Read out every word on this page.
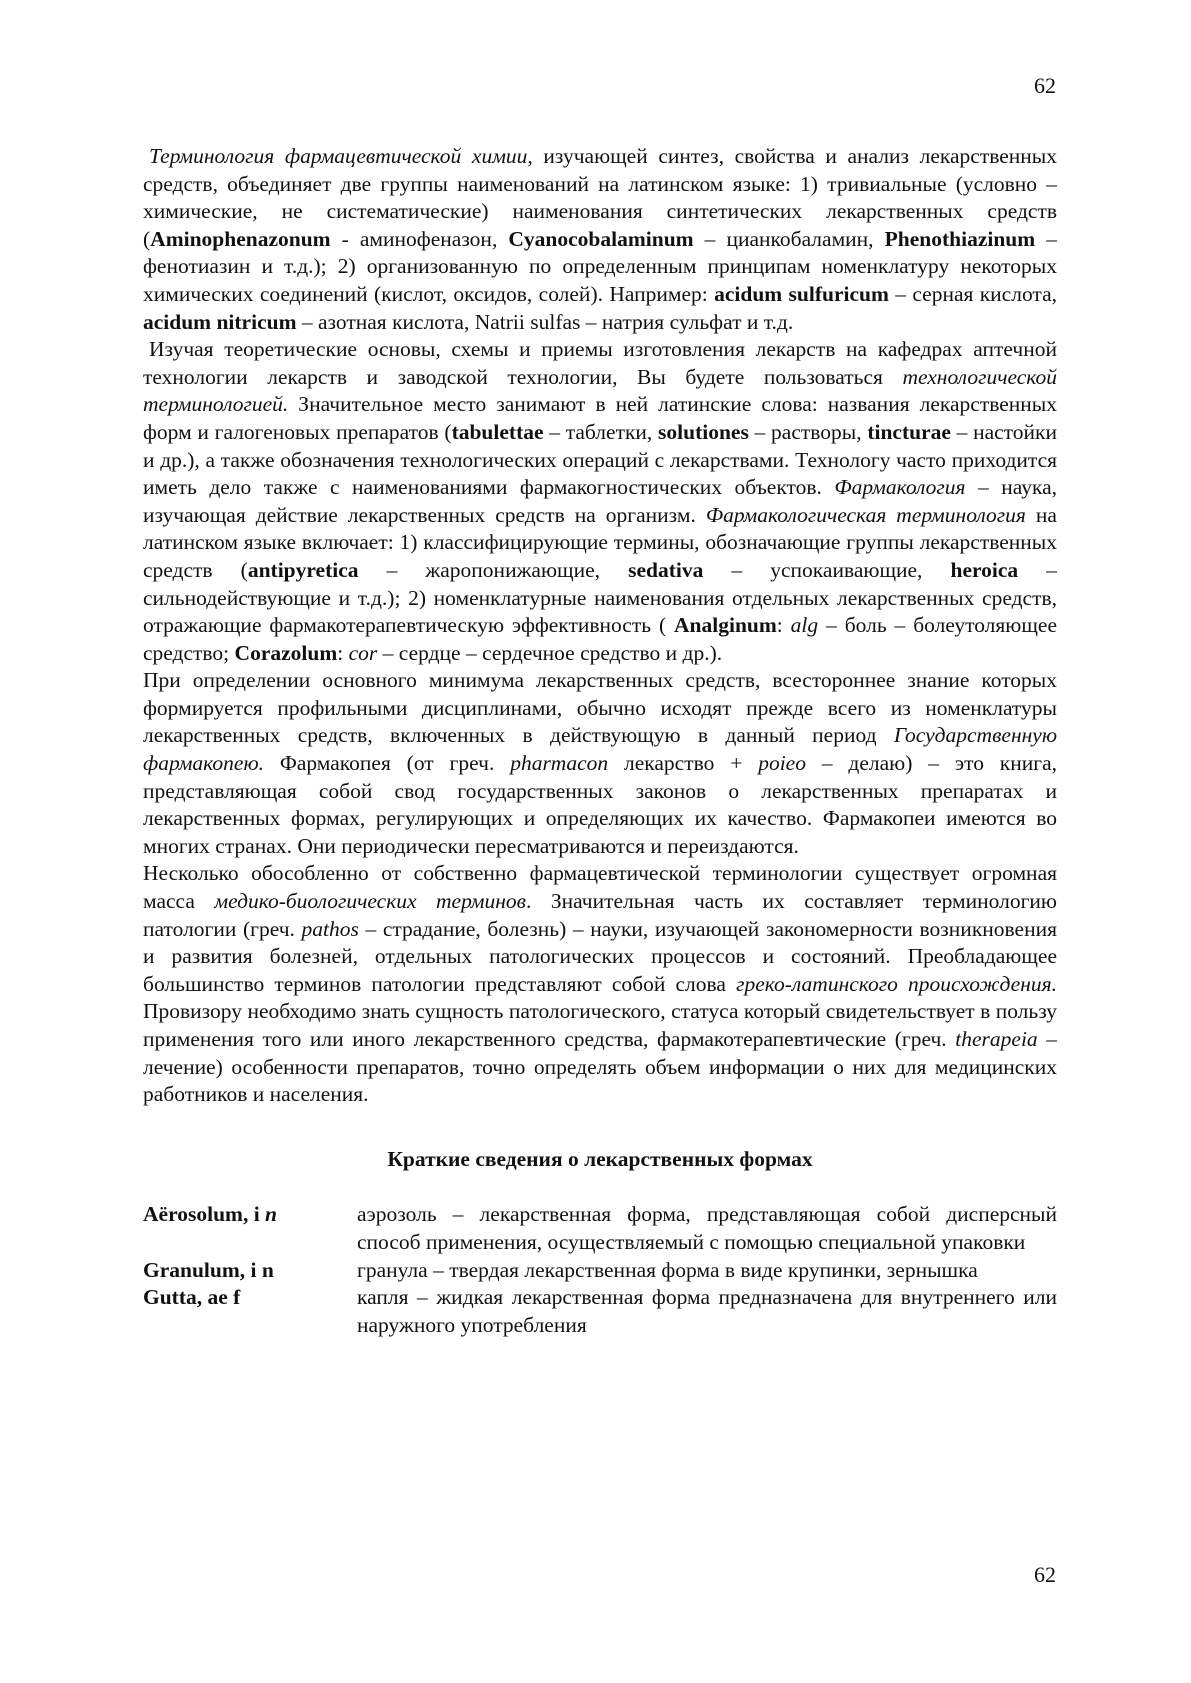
62

Терминология фармацевтической химии, изучающей синтез, свойства и анализ лекарственных средств, объединяет две группы наименований на латинском языке: 1) тривиальные (условно – химические, не систематические) наименования синтетических лекарственных средств (Aminophenazonum - аминофеназон, Cyanocobalaminum – цианкобаламин, Phenothiazinum – фенотиазин и т.д.); 2) организованную по определенным принципам номенклатуру некоторых химических соединений (кислот, оксидов, солей). Например: acidum sulfuricum – серная кислота, acidum nitricum – азотная кислота, Natrii sulfas – натрия сульфат и т.д.

Изучая теоретические основы, схемы и приемы изготовления лекарств на кафедрах аптечной технологии лекарств и заводской технологии, Вы будете пользоваться технологической терминологией. Значительное место занимают в ней латинские слова: названия лекарственных форм и галогеновых препаратов (tabulettae – таблетки, solutiones – растворы, tincturae – настойки и др.), а также обозначения технологических операций с лекарствами. Технологу часто приходится иметь дело также с наименованиями фармакогностических объектов. Фармакология – наука, изучающая действие лекарственных средств на организм. Фармакологическая терминология на латинском языке включает: 1) классифицирующие термины, обозначающие группы лекарственных средств (antipyretica – жаропонижающие, sedativa – успокаивающие, heroica – сильнодействующие и т.д.); 2) номенклатурные наименования отдельных лекарственных средств, отражающие фармакотерапевтическую эффективность ( Analginum: alg – боль – болеутоляющее средство; Corazolum: cor – сердце – сердечное средство и др.).

При определении основного минимума лекарственных средств, всестороннее знание которых формируется профильными дисциплинами, обычно исходят прежде всего из номенклатуры лекарственных средств, включенных в действующую в данный период Государственную фармакопею. Фармакопея (от греч. pharmacon лекарство + poieo – делаю) – это книга, представляющая собой свод государственных законов о лекарственных препаратах и лекарственных формах, регулирующих и определяющих их качество. Фармакопеи имеются во многих странах. Они периодически пересматриваются и переиздаются.

Несколько обособленно от собственно фармацевтической терминологии существует огромная масса медико-биологических терминов. Значительная часть их составляет терминологию патологии (греч. pathos – страдание, болезнь) – науки, изучающей закономерности возникновения и развития болезней, отдельных патологических процессов и состояний. Преобладающее большинство терминов патологии представляют собой слова греко-латинского происхождения. Провизору необходимо знать сущность патологического, статуса который свидетельствует в пользу применения того или иного лекарственного средства, фармакотерапевтические (греч. therapeia – лечение) особенности препаратов, точно определять объем информации о них для медицинских работников и населения.

Краткие сведения о лекарственных формах
Aërosolum, i n	аэрозоль – лекарственная форма, представляющая собой дисперсный способ применения, осуществляемый с помощью специальной упаковки
Granulum, i n	гранула – твердая лекарственная форма в виде крупинки, зернышка
Gutta, ae f	капля – жидкая лекарственная форма предназначена для внутреннего или наружного употребления
62
